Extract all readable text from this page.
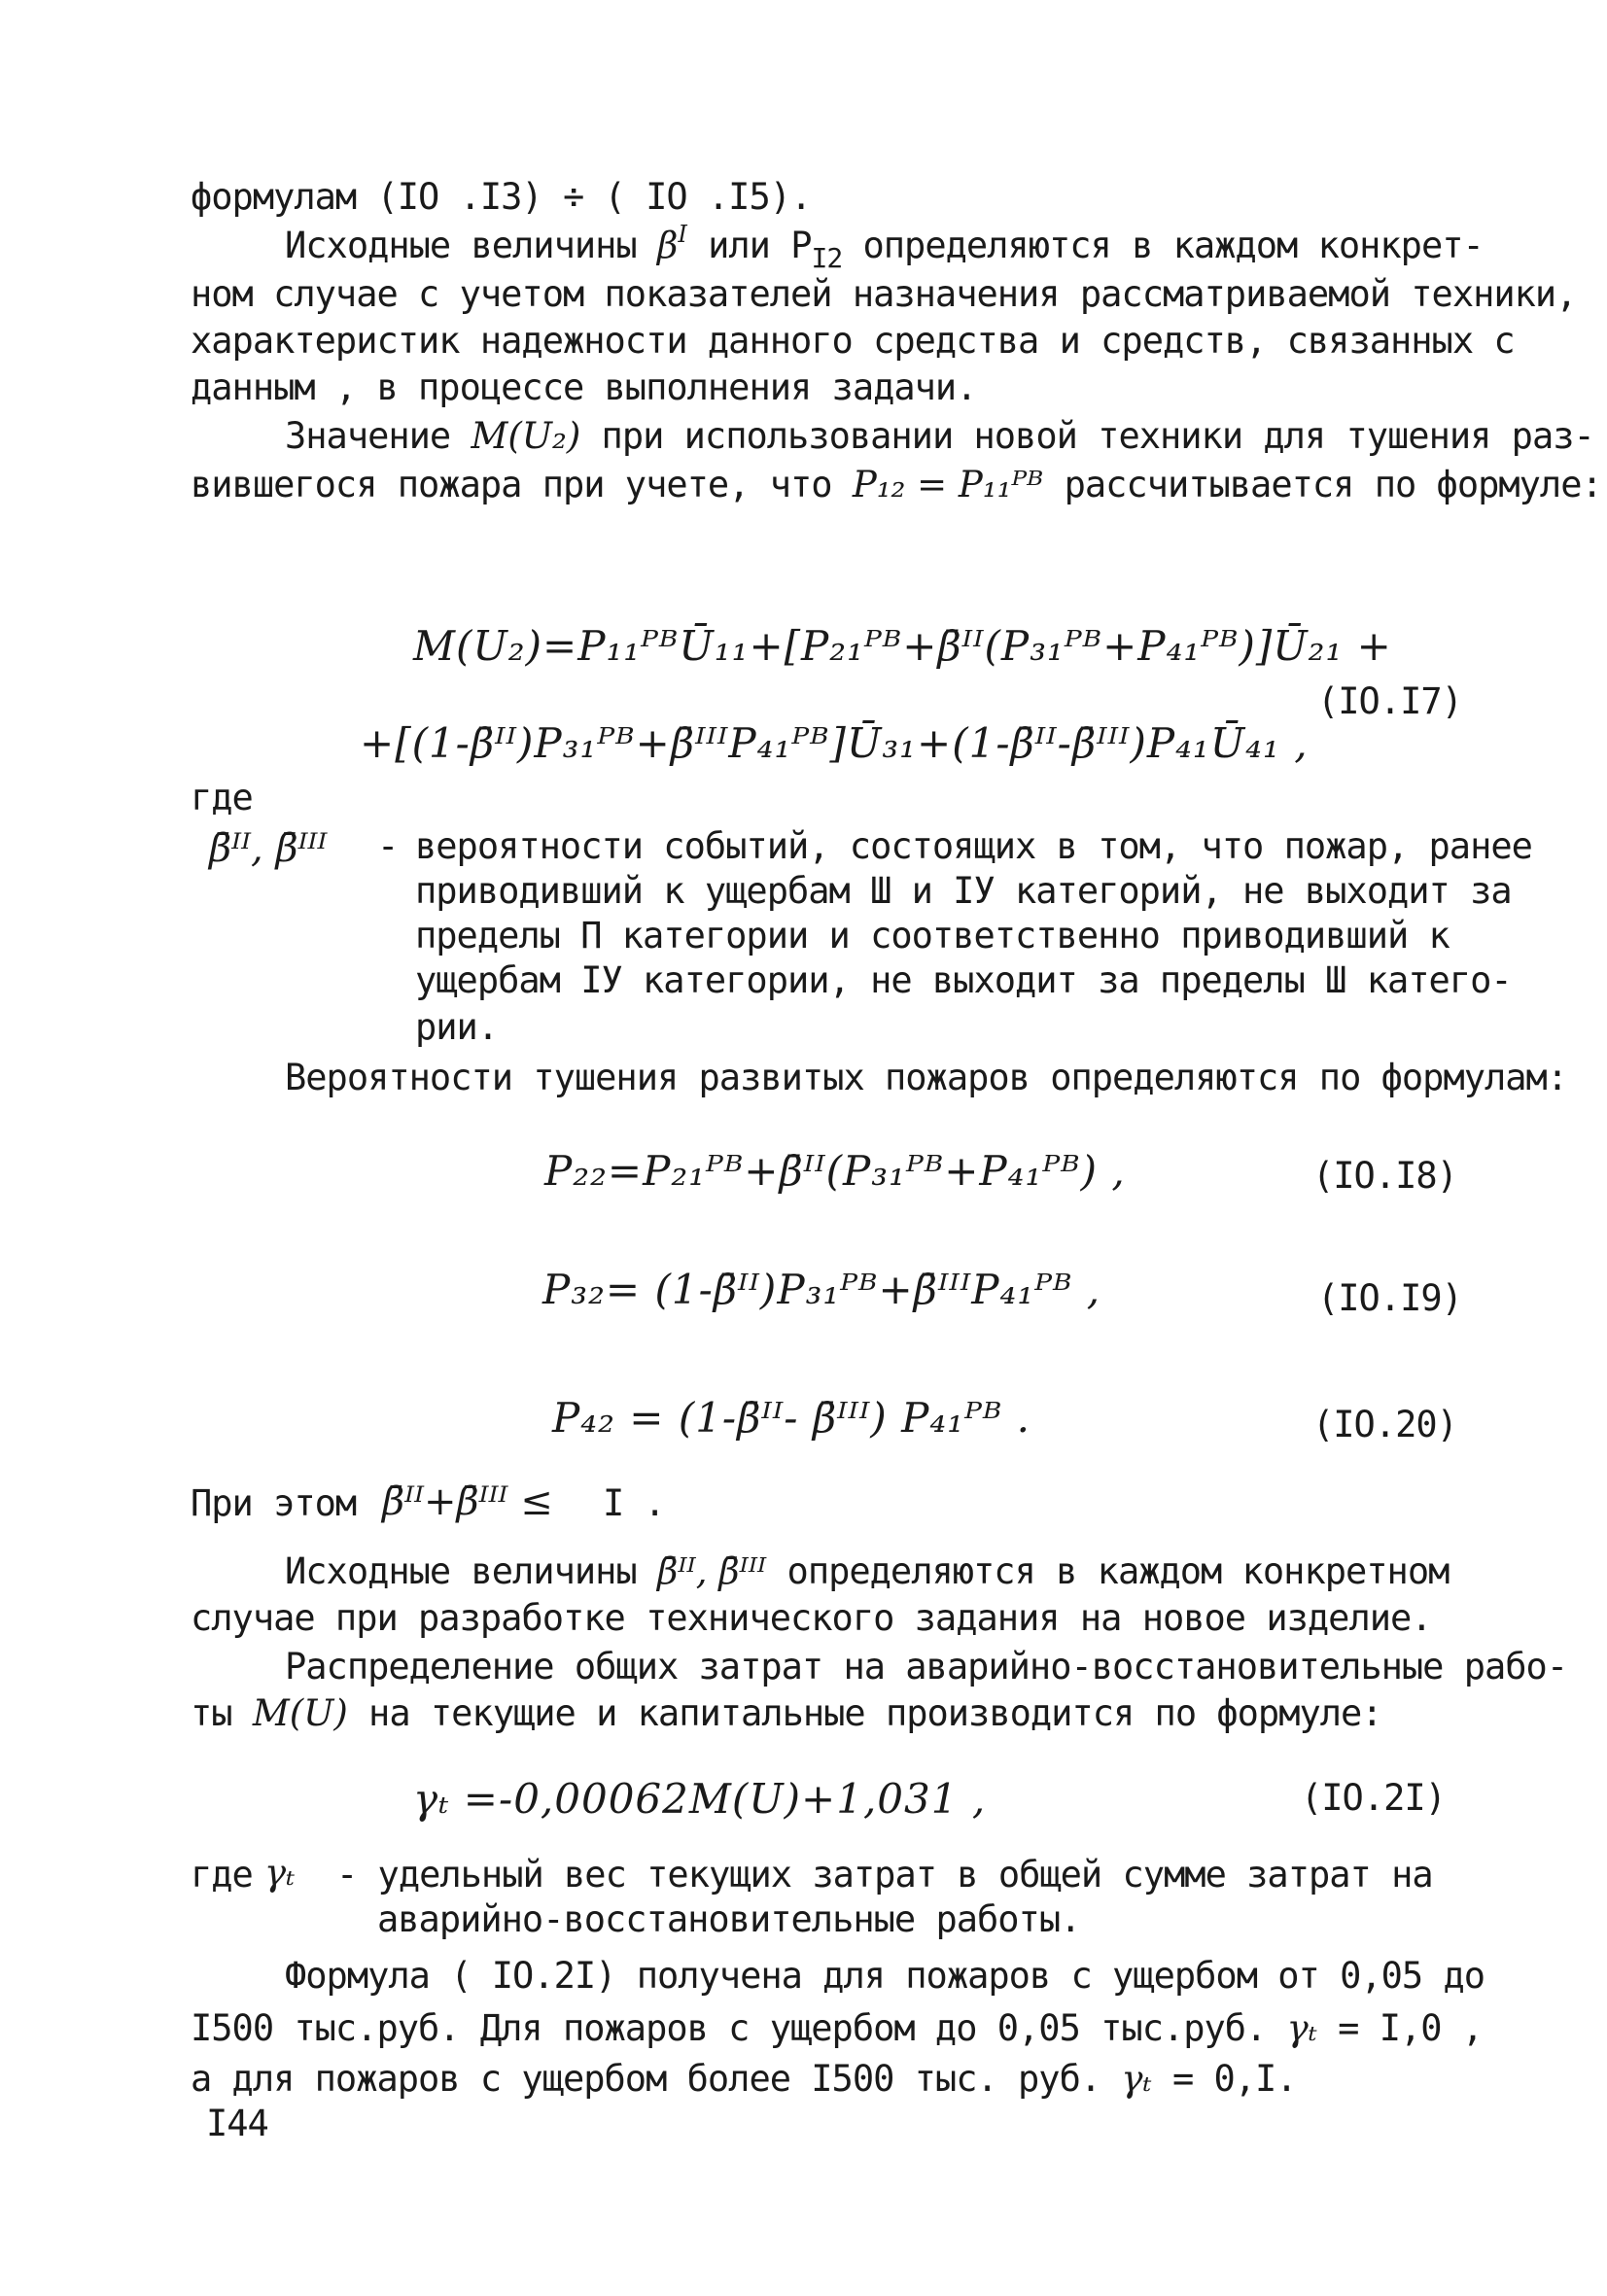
формулам (IO .I3) ÷ ( IO .I5).
Исходные величины $\beta^I$ или $P_{I2}$ определяются в каждом конкрет-
ном случае с учетом показателей назначения рассматриваемой техники,
характеристик надежности данного средства и средств, связанных с
данным , в процессе выполнения задачи.
Значение M(U₂) при использовании новой техники для тушения раз-
вившегося пожара при учете, что P₁₂ = P₁₁ᴾᴮ рассчитывается по формуле:
M(U₂)=P₁₁ᴾᴮŪ₁₁+[P₂₁ᴾᴮ+β̄ᴵᴵ(P₃₁ᴾᴮ+P₄₁ᴾᴮ)]Ū₂₁ +
+[(1-β̄ᴵᴵ)P₃₁ᴾᴮ+β̄ᴵᴵᴵP₄₁ᴾᴮ]Ū₃₁+(1-β̄ᴵᴵ-β̄ᴵᴵᴵ)P₄₁Ū₄₁ ,
(IO.I7)
где
β̄ᴵᴵ, β̄ᴵᴵᴵ - вероятности событий, состоящих в том, что пожар, ранее
приводивший к ущербам Ш и IУ категорий, не выходит за
пределы П категории и соответственно приводивший к
ущербам IУ категории, не выходит за пределы Ш катего-
рии.
Вероятности тушения развитых пожаров определяются по формулам:
P₂₂=P₂₁ᴾᴮ+β̄ᴵᴵ(P₃₁ᴾᴮ+P₄₁ᴾᴮ) ,	(IO.I8)
P₃₂= (1-β̄ᴵᴵ)P₃₁ᴾᴮ+β̄ᴵᴵᴵP₄₁ᴾᴮ ,	(IO.I9)
P₄₂ = (1-β̄ᴵᴵ- β̄ᴵᴵᴵ) P₄₁ᴾᴮ .	(IO.20)
При этом β̄ᴵᴵ+β̄ᴵᴵᴵ ≤ I .
Исходные величины β̄ᴵᴵ, β̄ᴵᴵᴵ определяются в каждом конкретном
случае при разработке технического задания на новое изделие.
Распределение общих затрат на аварийно-восстановительные рабо-
ты M(U) на текущие и капитальные производится по формуле:
γₜ =-0,00062M(U)+1,031 ,	(IO.2I)
где γₜ - удельный вес текущих затрат в общей сумме затрат на
аварийно-восстановительные работы.
Формула ( IO.2I) получена для пожаров с ущербом от 0,05 до
I500 тыс.руб. Для пожаров с ущербом до 0,05 тыс.руб. γₜ = I,0 ,
а для пожаров с ущербом более I500 тыс. руб. γₜ = 0,I.
I44
